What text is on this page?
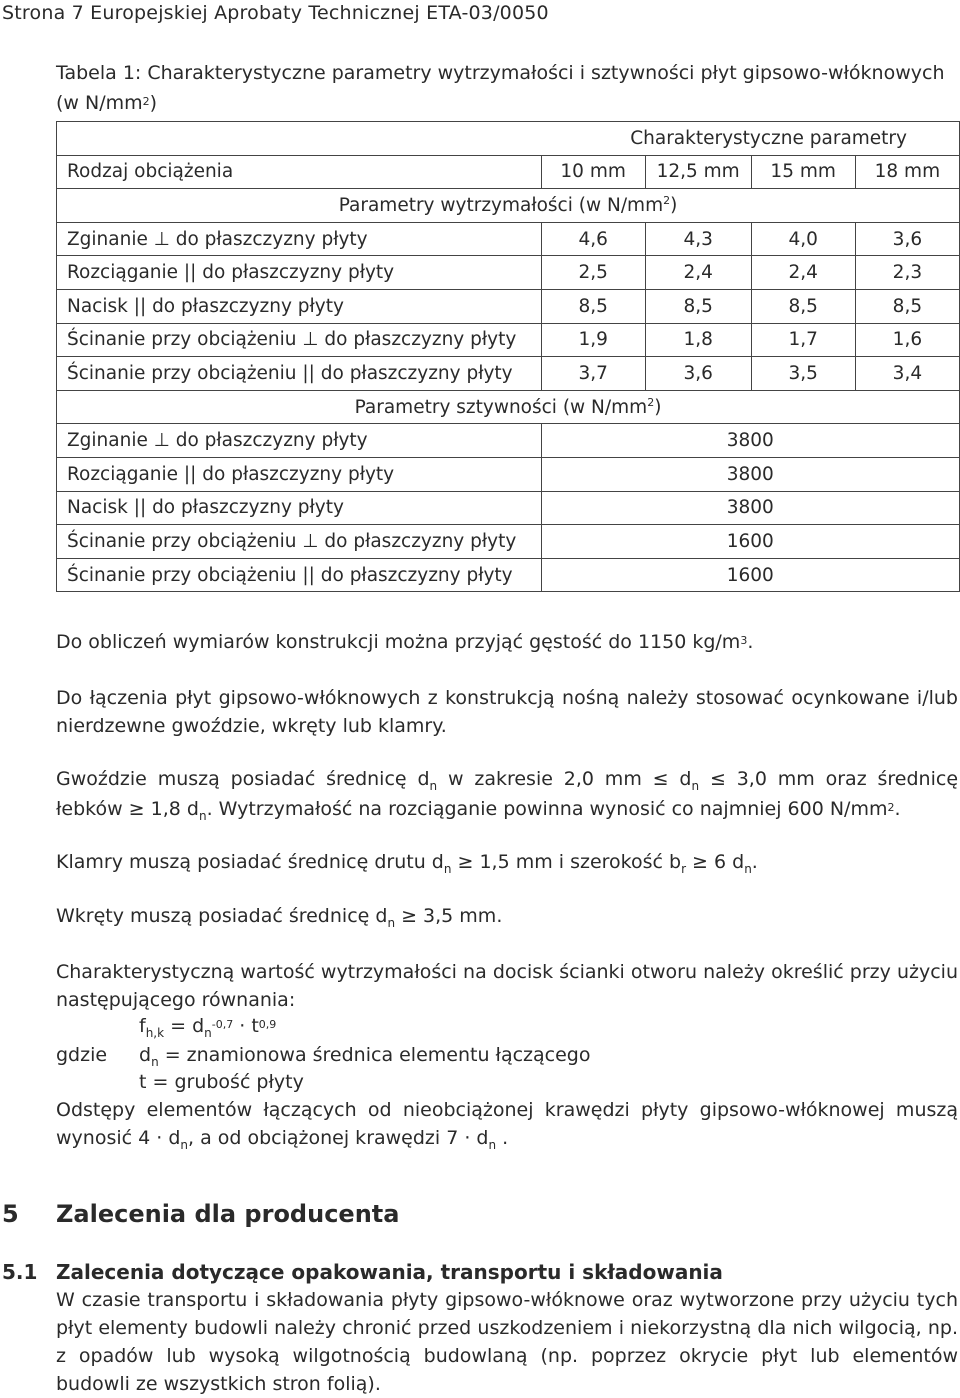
Strona 7 Europejskiej Aprobaty Technicznej ETA-03/0050
Tabela 1: Charakterystyczne parametry wytrzymałości i sztywności płyt gipsowo-włóknowych (w $N/mm^2$)
Charakterystyczne parametry				
Rodzaj obciążenia	10 mm	12,5 mm	15 mm	18 mm
Parametry wytrzymałości (w $N/mm^2$)				
Zginanie ⊥ do płaszczyzny płyty	4,6	4,3	4,0	3,6
Rozciąganie || do płaszczyzny płyty	2,5	2,4	2,4	2,3
Nacisk || do płaszczyzny płyty	8,5	8,5	8,5	8,5
Ścinanie przy obciążeniu ⊥ do płaszczyzny płyty	1,9	1,8	1,7	1,6
Ścinanie przy obciążeniu || do płaszczyzny płyty	3,7	3,6	3,5	3,4
Parametry sztywności (w $N/mm^2$)				
Zginanie ⊥ do płaszczyzny płyty	3800			
Rozciąganie || do płaszczyzny płyty	3800			
Nacisk || do płaszczyzny płyty	3800			
Ścinanie przy obciążeniu ⊥ do płaszczyzny płyty	1600			
Ścinanie przy obciążeniu || do płaszczyzny płyty	1600			
Do obliczeń wymiarów konstrukcji można przyjąć gęstość do 1150 $kg/m^3$.
Do łączenia płyt gipsowo-włóknowych z konstrukcją nośną należy stosować ocynkowane i/lub nierdzewne gwoździe, wkręty lub klamry.
Gwoździe muszą posiadać średnicę $d_n$ w zakresie 2,0 mm ≤ $d_n \le 3,0$ mm oraz średnicę łebków ≥ 1,8 $d_n$. Wytrzymałość na rozciąganie powinna wynosić co najmniej 600 $N/mm^2$.
Klamry muszą posiadać średnicę drutu $d_n \ge 1,5$ mm i szerokość $b_r \ge 6$ $d_n$.
Wkręty muszą posiadać średnicę $d_n \ge 3,5$ mm.
Charakterystyczną wartość wytrzymałości na docisk ścianki otworu należy określić przy użyciu następującego równania:
$f_{h,k} = d_n^{-0,7} \cdot t^{0,9}$
gdzie $d_n$ = znamionowa średnica elementu łączącego
t = grubość płyty
Odstępy elementów łączących od nieobciążonej krawędzi płyty gipsowo-włóknowej muszą wynosić $4 \cdot d_n$, a od obciążonej krawędzi $7 \cdot d_n$ .
5 Zalecenia dla producenta
5.1 Zalecenia dotyczące opakowania, transportu i składowania
W czasie transportu i składowania płyty gipsowo-włóknowe oraz wytworzone przy użyciu tych płyt elementy budowli należy chronić przed uszkodzeniem i niekorzystną dla nich wilgocią, np. z opadów lub wysoką wilgotnością budowlaną (np. poprzez okrycie płyt lub elementów budowli ze wszystkich stron folią).
